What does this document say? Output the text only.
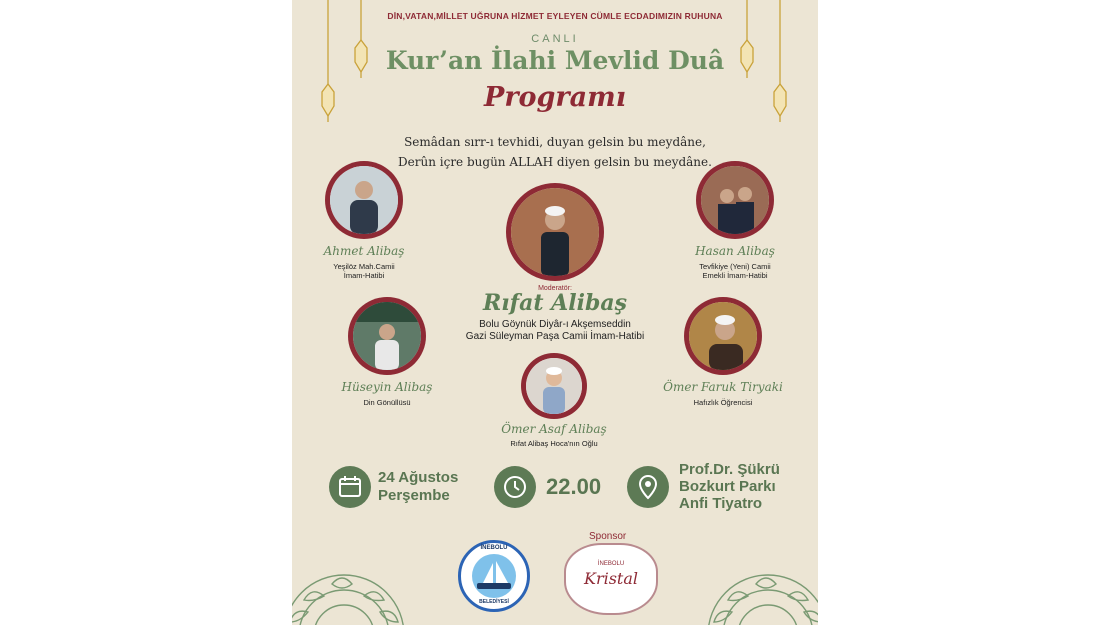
DİN,VATAN,MİLLET UĞRUNA HİZMET EYLEYEN CÜMLE ECDADIMIZIN RUHUNA
CANLI
Kur’an İlahi Mevlid Duâ
Programı
Semâdan sırr-ı tevhidi, duyan gelsin bu meydâne,
Derûn içre bugün ALLAH diyen gelsin bu meydâne.
Ahmet Alibaş
Yeşilöz Mah.Camii
İmam-Hatibi
Hasan Alibaş
Tevfikiye (Yeni) Camii
Emekli İmam-Hatibi
Moderatör:
Rıfat Alibaş
Bolu Göynük Diyâr-ı Akşemseddin
Gazi Süleyman Paşa Camii İmam-Hatibi
Hüseyin Alibaş
Din Gönüllüsü
Ömer Faruk Tiryaki
Hafızlık Öğrencisi
Ömer Asaf Alibaş
Rıfat Alibaş Hoca'nın Oğlu
24 Ağustos
Perşembe	22.00
Prof.Dr. Şükrü
Bozkurt Parkı
Anfi Tiyatro
Sponsor
İNEBOLU
BELEDİYESİ
İNEBOLU
Kristal
